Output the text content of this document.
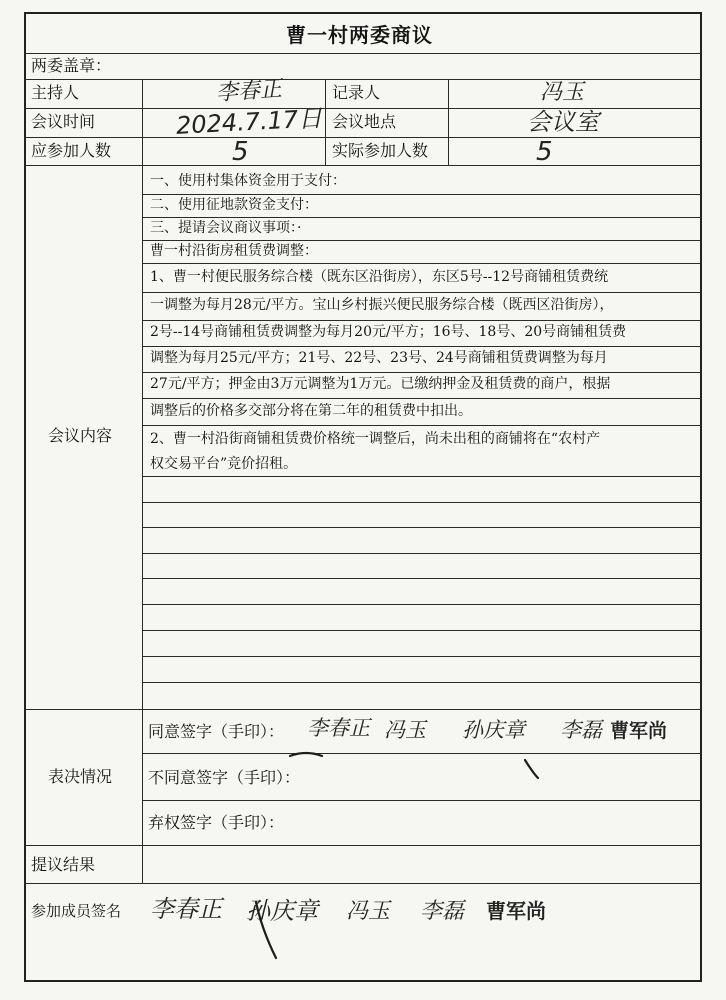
曹一村两委商议
两委盖章：
主持人	李春正	记录人	冯玉
会议时间	2024.7.17日 会议地点	会议室
应参加人数	5	实际参加人数	5
会议内容
一、使用村集体资金用于支付：
二、使用征地款资金支付：
三、提请会议商议事项：·
曹一村沿街房租赁费调整：
1、曹一村便民服务综合楼（既东区沿街房），东区5号--12号商铺租赁费统
一调整为每月28元/平方。宝山乡村振兴便民服务综合楼（既西区沿街房），
2号--14号商铺租赁费调整为每月20元/平方；16号、18号、20号商铺租赁费
调整为每月25元/平方；21号、22号、23号、24号商铺租赁费调整为每月
27元/平方；押金由3万元调整为1万元。已缴纳押金及租赁费的商户，根据
调整后的价格多交部分将在第二年的租赁费中扣出。
2、曹一村沿街商铺租赁费价格统一调整后，尚未出租的商铺将在“农村产
权交易平台”竞价招租。
表决情况
同意签字（手印）： 李春正 冯玉 孙庆章 李磊 曹军尚
不同意签字（手印）：
弃权签字（手印）：
提议结果
参加成员签名 李春正 孙庆章 冯玉 李磊 曹军尚
